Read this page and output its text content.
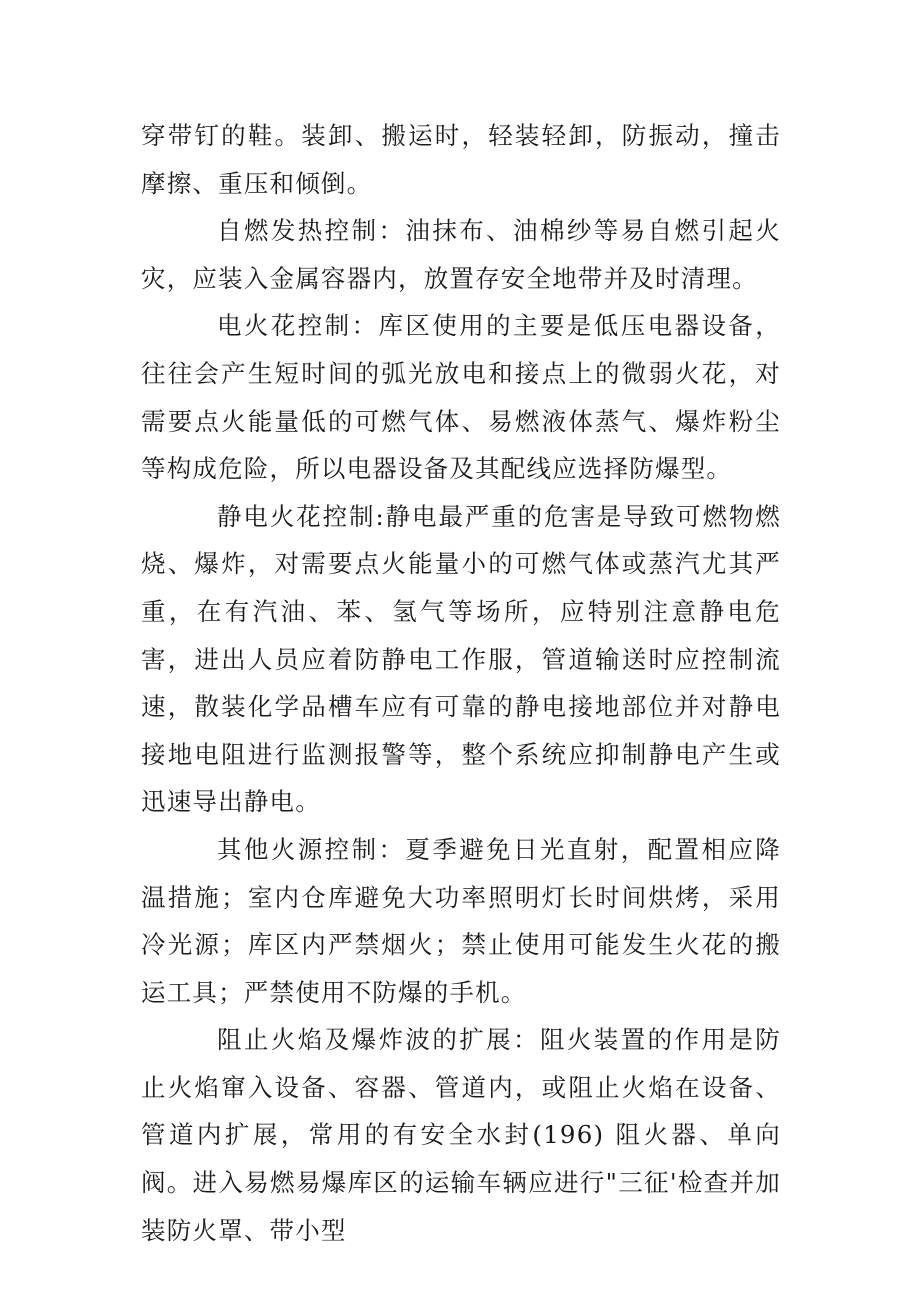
穿带钉的鞋。装卸、搬运时，轻装轻卸，防振动，撞击摩擦、重压和倾倒。

自燃发热控制：油抹布、油棉纱等易自燃引起火灾，应装入金属容器内，放置存安全地带并及时清理。

电火花控制：库区使用的主要是低压电器设备，往往会产生短时间的弧光放电和接点上的微弱火花，对需要点火能量低的可燃气体、易燃液体蒸气、爆炸粉尘等构成危险，所以电器设备及其配线应选择防爆型。

静电火花控制:静电最严重的危害是导致可燃物燃烧、爆炸，对需要点火能量小的可燃气体或蒸汽尤其严重，在有汽油、苯、氢气等场所，应特别注意静电危害，进出人员应着防静电工作服，管道输送时应控制流速，散装化学品槽车应有可靠的静电接地部位并对静电接地电阻进行监测报警等，整个系统应抑制静电产生或迅速导出静电。

其他火源控制：夏季避免日光直射，配置相应降温措施；室内仓库避免大功率照明灯长时间烘烤，采用冷光源；库区内严禁烟火；禁止使用可能发生火花的搬运工具；严禁使用不防爆的手机。

阻止火焰及爆炸波的扩展：阻火装置的作用是防止火焰窜入设备、容器、管道内，或阻止火焰在设备、管道内扩展，常用的有安全水封(196) 阻火器、单向阀。进入易燃易爆库区的运输车辆应进行"三征'检查并加装防火罩、带小型
